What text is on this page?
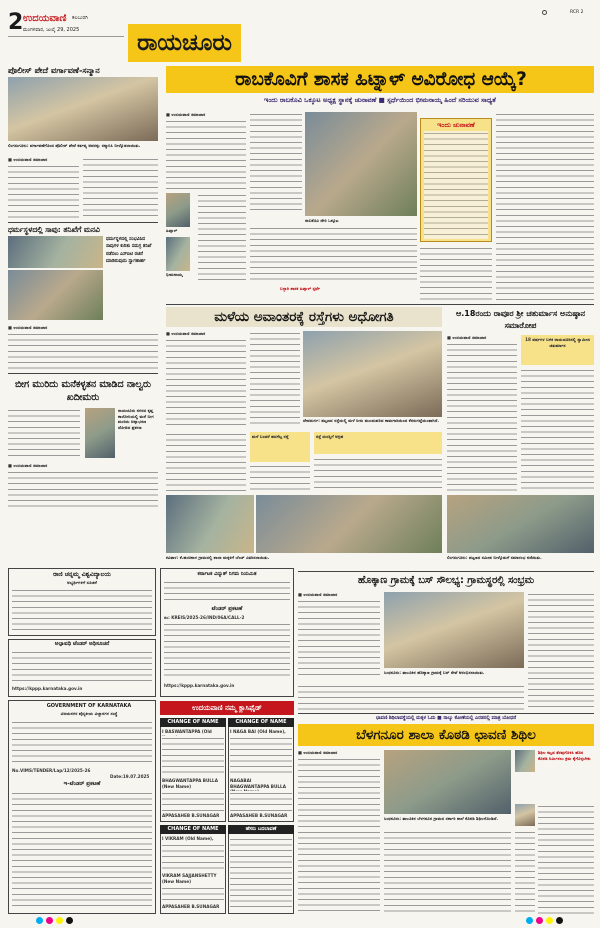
2 ಉದಯವಾಣಿ ಕಲಬುರಗಿ
ಮಂಗಳವಾರ, ಜುಲೈ 29, 2025	ರಾಯಚೂರು
RCR 2
ಪೊಲೀಸ್ ಪೇದೆ ವರ್ಗಾವಣೆ-ಸನ್ಮಾನ
ಲಿಂಗಸುಗೂರು: ವರ್ಗಾವಣೆಗೊಂಡ ಪೊಲೀಸ್ ಪೇದೆ ಕರ್ತವ್ಯ ಅವರನ್ನು ಸನ್ಮಾನಿಸಿ ಬೀಳ್ಕೊಡಲಾಯಿತು.
■ ಉದಯವಾಣಿ ಸಮಾಚಾರ
ಧರ್ಮಸ್ಥಳದಲ್ಲಿ ಸಾವು: ತನಿಖೆಗೆ ಮನವಿ
ಧರ್ಮಸ್ಥಳದಲ್ಲಿ ಸಂಭವಿಸಿದ ಸಾವುಗಳ ಕುರಿತು ಸಮಗ್ರ ತನಿಖೆ ನಡೆಸಲು ಎಸ್‌ಐಟಿ ರಚನೆ ಮಾಡಿರುವುದು ಸ್ವಾಗತಾರ್ಹ
■ ಉದಯವಾಣಿ ಸಮಾಚಾರ
ಬೀಗ ಮುರಿದು ಮನೆಕಳ್ಳತನ ಮಾಡಿದ ನಾಲ್ವರು ಖದೀಮರು
ರಾಯಚೂರು ನಗರದ ಕೃಷ್ಣ ಕಾಲೋನಿಯಲ್ಲಿ ಮನೆ ಬೀಗ ಮುರಿದು ಚಿನ್ನಾಭರಣ ದೋಚಿದ ಪ್ರಕರಣ
■ ಉದಯವಾಣಿ ಸಮಾಚಾರ
ರಾಬಕೊವಿಗೆ ಶಾಸಕ ಹಿಟ್ನಾಳ್ ಅವಿರೋಧ ಆಯ್ಕೆ?
ಇಂದು ರಾಬಕೊವಿ ಒಕ್ಕೂಟ ಅಧ್ಯಕ್ಷ ಸ್ಥಾನಕ್ಕೆ ಚುನಾವಣೆ ■ ಸ್ಪರ್ಧೆಯಿಂದ ಭೀಮನಾಯ್ಕ ಹಿಂದೆ ಸರಿಯುವ ಸಾಧ್ಯತೆ
■ ಉದಯವಾಣಿ ಸಮಾಚಾರ
ಹಿಟ್ನಾಳ್
ಭೀಮನಾಯ್ಕ
ರಾಬಕೊವಿ ಡೇರಿ ಒಕ್ಕೂಟ
ಇಂದು ಚುನಾವಣೆ
ಬಳ್ಳಾರಿ ಶಾಸಕ ಹಿಟ್ನಾಳ್ ಸ್ಪರ್ಧೆ
ಮಳೆಯ ಅವಾಂತರಕ್ಕೆ ರಸ್ತೆಗಳು ಅಧೋಗತಿ
■ ಉದಯವಾಣಿ ಸಮಾಚಾರ
ದೇವದುರ್ಗ: ಪಟ್ಟಣದ ರಸ್ತೆಯಲ್ಲಿ ಮಳೆ ನೀರು ಮುಂದುವರಿದ ಕಾಮಗಾರಿಯಿಂದ ಕೆಸರುಗದ್ದೆಯಂತಾಗಿದೆ.
ಮಳೆ ಬಂದರೆ ಹದಗೆಟ್ಟ ರಸ್ತೆ	ರಸ್ತೆ ದುರಸ್ತಿಗೆ ಆಗ್ರಹ
ಕವಿತಾಳ: ಕೆ.ಹಂಚಿನಾಳ ಗ್ರಾಮದಲ್ಲಿ ಶಾಲಾ ಮಕ್ಕಳಿಗೆ ಬೆಂಚ್ ವಿತರಿಸಲಾಯಿತು.
ಆ.18ರಂದು ರಾವೂರ ಶ್ರೀ ಚತುರ್ಮಾಸ ಅನುಷ್ಠಾನ ಸಮಾರೋಪ
■ ಉದಯವಾಣಿ ಸಮಾಚಾರ	18 ವರ್ಷಗಳ ಬಳಿಕ ರಾಯಚೂರಿನಲ್ಲಿ ಸ್ವಾಮೀಜಿ ಚತುರ್ಮಾಸ
ಲಿಂಗಸುಗೂರು: ಪಟ್ಟಣದ ಸಮೀಪ ಬೀಳ್ಕೊಡುಗೆ ಸಮಾರಂಭ ನಡೆಯಿತು.
ಹೊಕ್ಕಾಣ ಗ್ರಾಮಕ್ಕೆ ಬಸ್ ಸೌಲಭ್ಯ: ಗ್ರಾಮಸ್ಥರಲ್ಲಿ ಸಂಭ್ರಮ
■ ಉದಯವಾಣಿ ಸಮಾಚಾರ
ಸಿಂಧನೂರು: ತಾಲೂಕಿನ ಹೊಕ್ಕಾಣ ಗ್ರಾಮಕ್ಕೆ ಬಸ್ ಸೇವೆ ಆರಂಭಿಸಲಾಯಿತು.
ರಾಣಿ ಚನ್ನಮ್ಮ ವಿಶ್ವವಿದ್ಯಾಲಯ
ಅಭ್ಯರ್ಥಿಗಳಿಗೆ ಸೂಚನೆ
ಅಲ್ಪಾವಧಿ ಟೆಂಡರ್ ಅಧಿಸೂಚನೆ
https://kppp.karnataka.gov.in
ಕರ್ನಾಟಕ ವಿದ್ಯುತ್ ನಿಗಮ ನಿಯಮಿತ
ಟೆಂಡರ್ ಪ್ರಕಟಣೆ
ಸಂ: KREIS/2025-26/IND/06A/CALL-2
https://kppp.karnataka.gov.in
GOVERNMENT OF KARNATAKA
ವಿಜಯನಗರ ವೈದ್ಯಕೀಯ ವಿಜ್ಞಾನಗಳ ಸಂಸ್ಥೆ
No.VIMS/TENDER/Lap/12/2025-26
Date:19.07.2025
ಇ-ಟೆಂಡರ್ ಪ್ರಕಟಣೆ
ಉದಯವಾಣಿ ನಮ್ಮ ಕ್ಲಾಸಿಫೈಡ್
CHANGE OF NAME
I BASWANTAPPA (Old
BHAGWANTAPPA BULLA (New Name)
APPASAHEB B.SUNAGAR
CHANGE OF NAME
I NAGA BAI (Old Name),
NAGABAI BHAGWANTAPPA BULLA
APPASAHEB B.SUNAGAR
CHANGE OF NAME
I VIKRAM (Old Name),
VIKRAM SAJJANSHETTY (New Name)
APPASAHEB B.SUNAGAR
ಹೆಸರು ಬದಲಾವಣೆ
ಛಾವಣಿ ಶಿಥಿಲಾವಸ್ಥೆಯಲ್ಲಿ ಮಕ್ಕಳ ಓದು ■ ನಾಲ್ಕು ಕೋಣೆಯಲ್ಲಿ ಎರಡರಲ್ಲಿ ಮಾತ್ರ ಬೋಧನೆ
ಬೆಳಗನೂರ ಶಾಲಾ ಕೊಠಡಿ ಛಾವಣಿ ಶಿಥಿಲ
■ ಉದಯವಾಣಿ ಸಮಾಚಾರ
ಸಿಂಧನೂರು: ತಾಲೂಕಿನ ಬೆಳಗನೂರ ಗ್ರಾಮದ ಸರ್ಕಾರಿ ಶಾಲೆ ಕೊಠಡಿ ಶಿಥಿಲಗೊಂಡಿದೆ.
ಶಿಥಿಲ ಕಟ್ಟಡ ತೆರವುಗೊಳಿಸಿ ಹೊಸ ಕೊಠಡಿ ನಿರ್ಮಿಸಲು ಕ್ರಮ ಕೈಗೊಳ್ಳಬೇಕು
